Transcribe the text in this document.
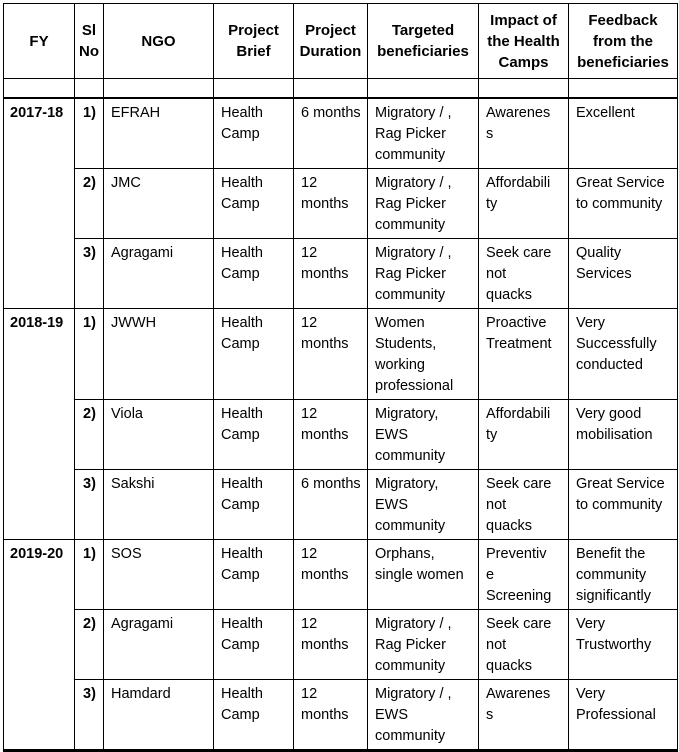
FY	Sl No	NGO	Project Brief	Project Duration	Targeted beneficiaries	Impact of the Health Camps	Feedback from the beneficiaries

2017-18	1)	EFRAH	Health Camp	6 months	Migratory / , Rag Picker community	Awareness	Excellent
	2)	JMC	Health Camp	12 months	Migratory / , Rag Picker community	Affordability	Great Service to community
	3)	Agragami	Health Camp	12 months	Migratory / , Rag Picker community	Seek care not quacks	Quality Services
2018-19	1)	JWWH	Health Camp	12 months	Women Students, working professional	Proactive Treatment	Very Successfully conducted
	2)	Viola	Health Camp	12 months	Migratory, EWS community	Affordability	Very good mobilisation
	3)	Sakshi	Health Camp	6 months	Migratory, EWS community	Seek care not quacks	Great Service to community
2019-20	1)	SOS	Health Camp	12 months	Orphans, single women	Preventive Screening	Benefit the community significantly
	2)	Agragami	Health Camp	12 months	Migratory / , Rag Picker community	Seek care not quacks	Very Trustworthy
	3)	Hamdard	Health Camp	12 months	Migratory / , EWS community	Awareness	Very Professional
